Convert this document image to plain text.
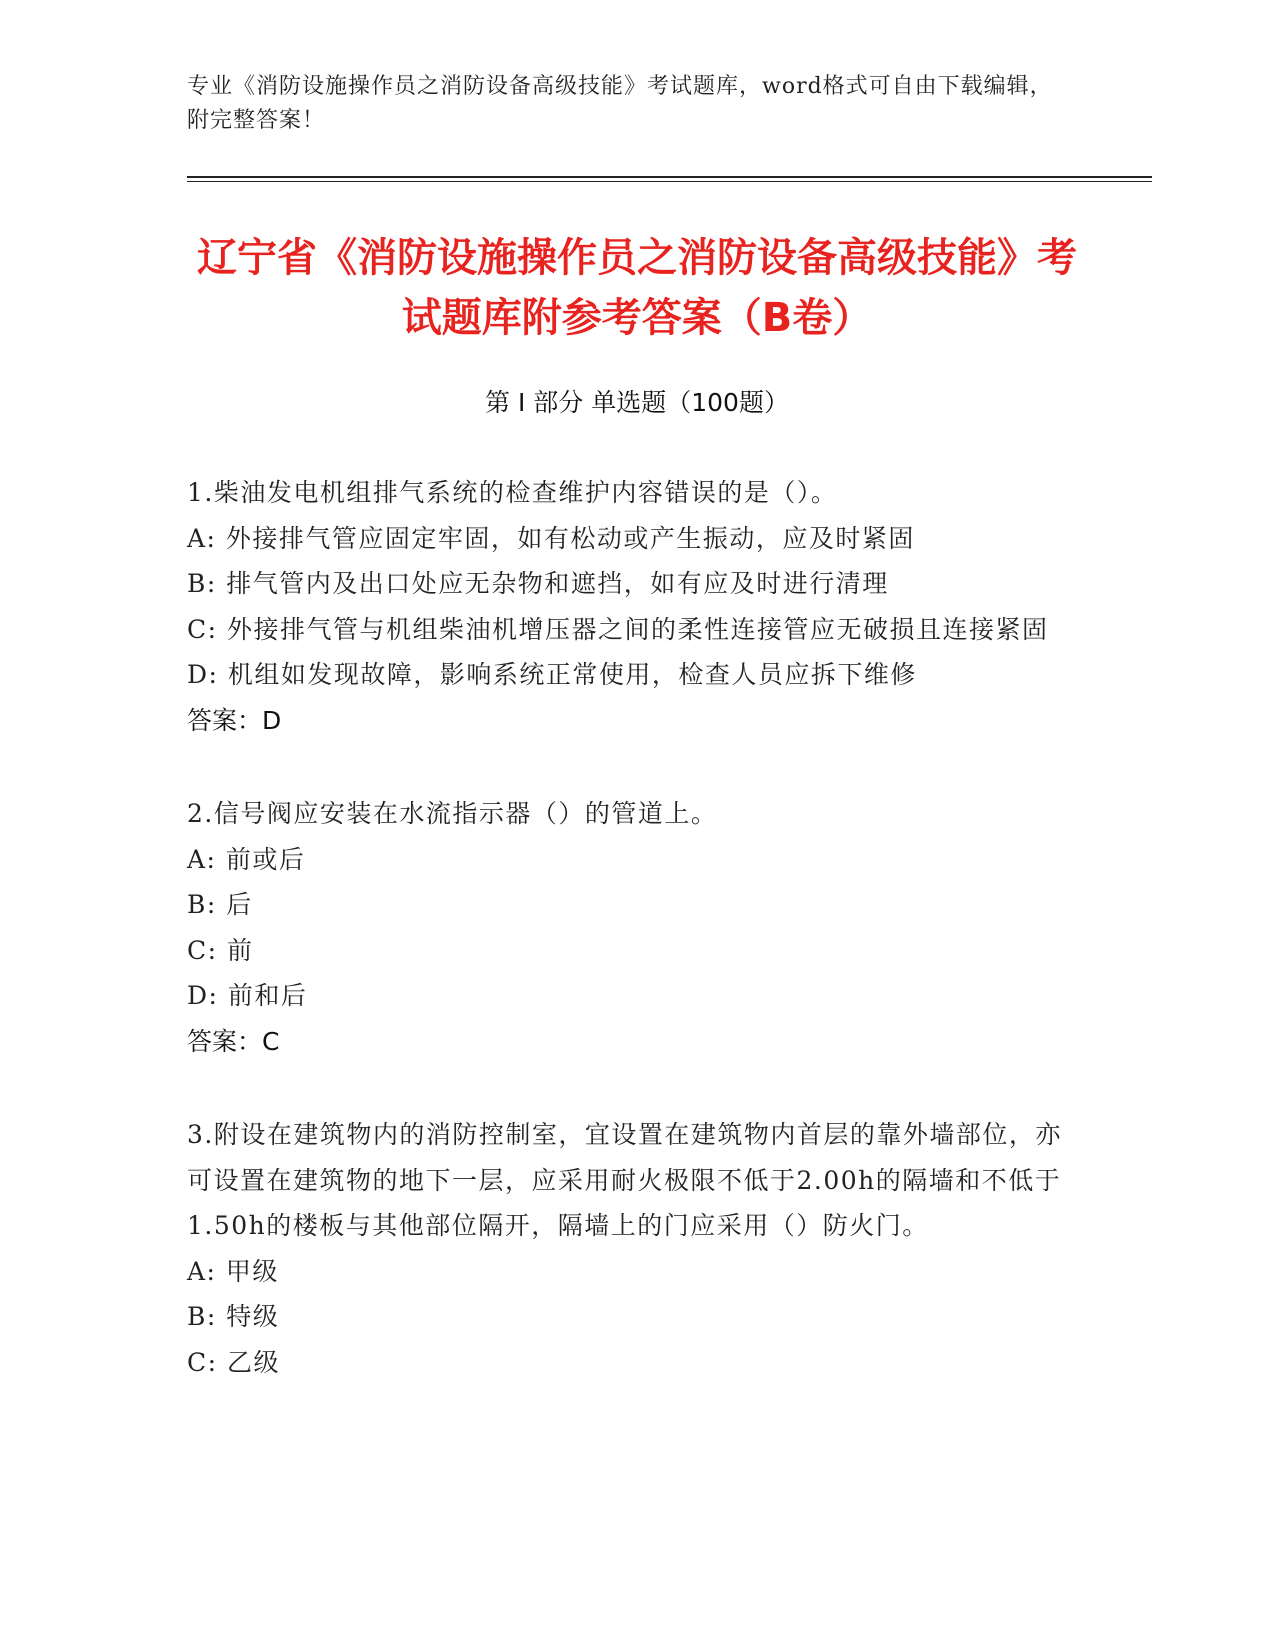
专业《消防设施操作员之消防设备高级技能》考试题库，word格式可自由下载编辑，附完整答案！
辽宁省《消防设施操作员之消防设备高级技能》考试题库附参考答案（B卷）
第 I 部分 单选题（100题）
1.柴油发电机组排气系统的检查维护内容错误的是（）。
A: 外接排气管应固定牢固，如有松动或产生振动，应及时紧固
B: 排气管内及出口处应无杂物和遮挡，如有应及时进行清理
C: 外接排气管与机组柴油机增压器之间的柔性连接管应无破损且连接紧固
D: 机组如发现故障，影响系统正常使用，检查人员应拆下维修
答案：D
2.信号阀应安装在水流指示器（）的管道上。
A: 前或后
B: 后
C: 前
D: 前和后
答案：C
3.附设在建筑物内的消防控制室，宜设置在建筑物内首层的靠外墙部位，亦可设置在建筑物的地下一层，应采用耐火极限不低于2.00h的隔墙和不低于1.50h的楼板与其他部位隔开，隔墙上的门应采用（）防火门。
A: 甲级
B: 特级
C: 乙级
